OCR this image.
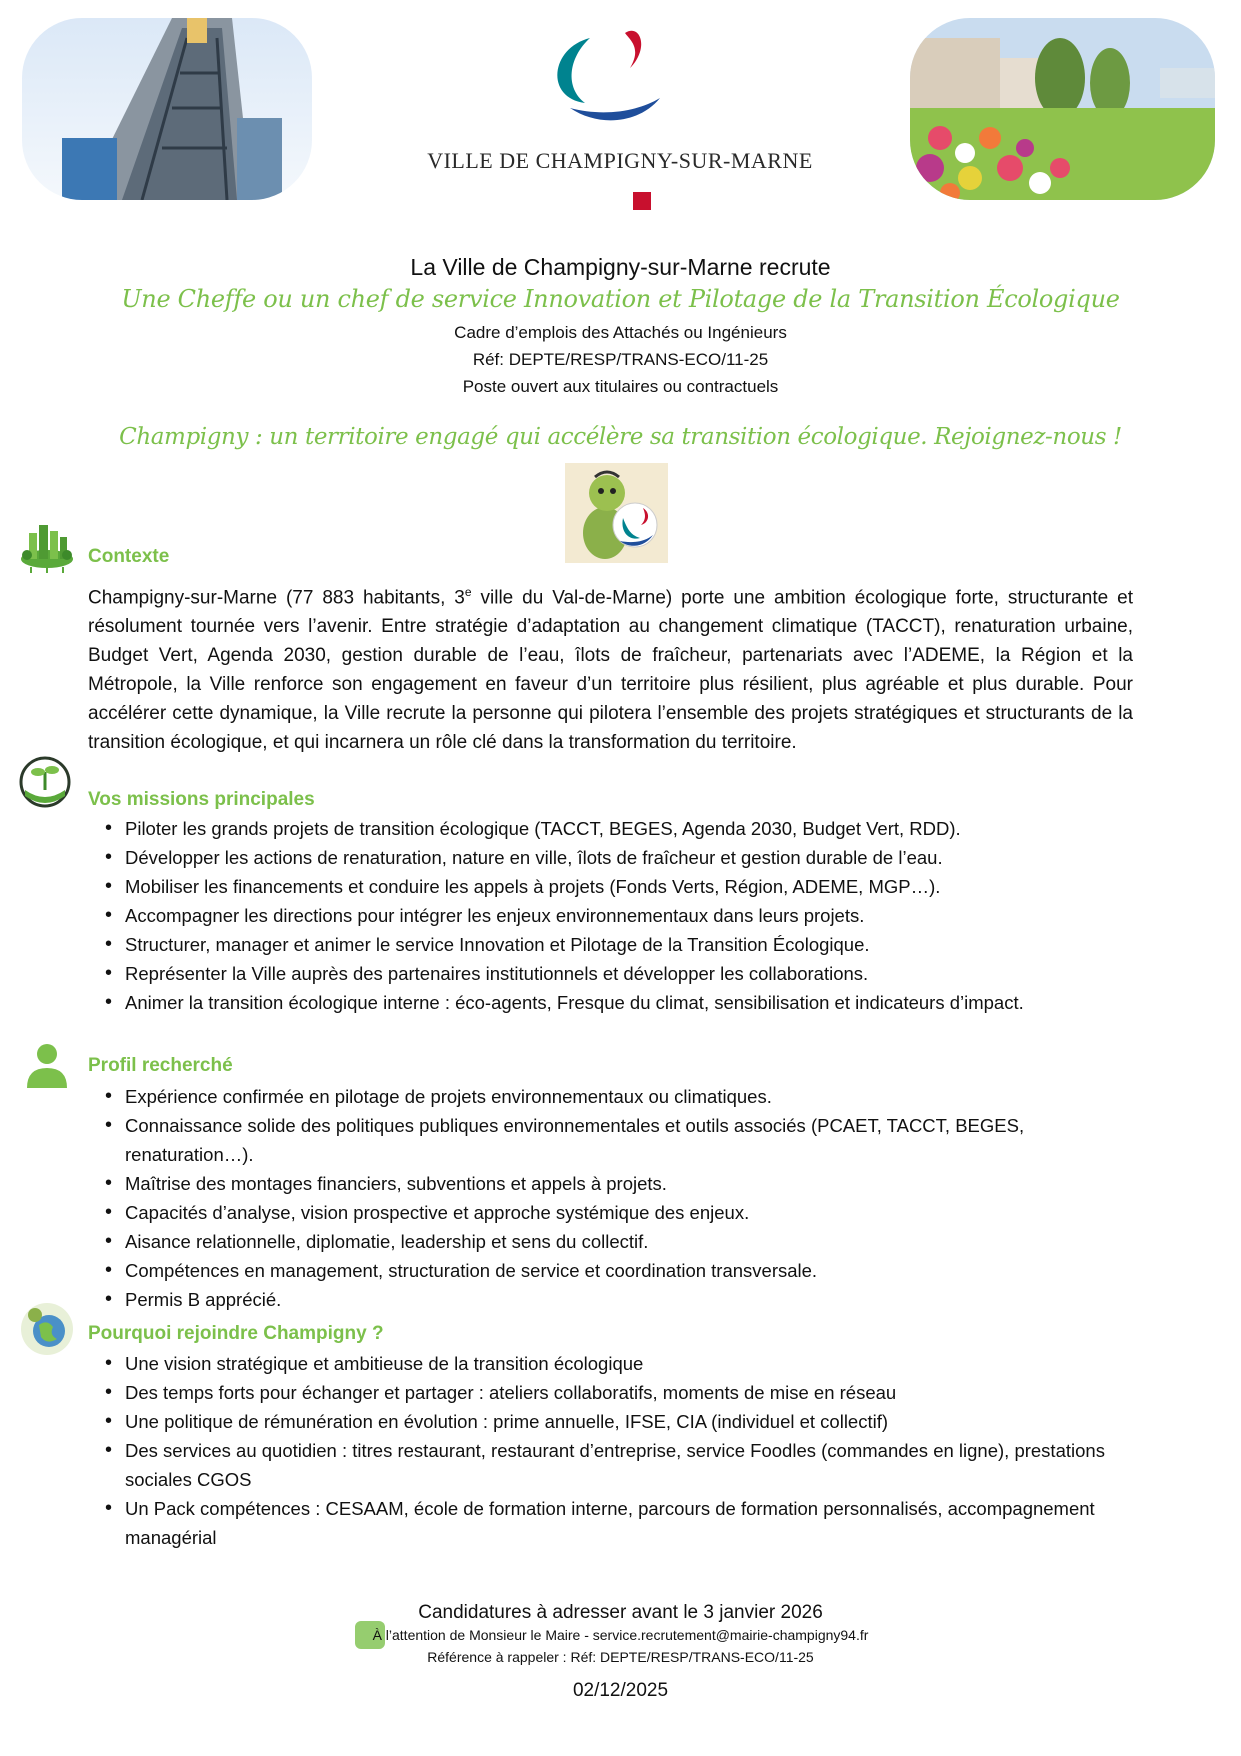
VILLE DE CHAMPIGNY-SUR-MARNE
La Ville de Champigny-sur-Marne recrute
Une Cheffe ou un chef de service Innovation et Pilotage de la Transition Écologique
Cadre d’emplois des Attachés ou Ingénieurs
Réf: DEPTE/RESP/TRANS-ECO/11-25
Poste ouvert aux titulaires ou contractuels
Champigny : un territoire engagé qui accélère sa transition écologique. Rejoignez-nous !
Contexte
Champigny-sur-Marne (77 883 habitants, 3e ville du Val-de-Marne) porte une ambition écologique forte, structurante et résolument tournée vers l’avenir. Entre stratégie d’adaptation au changement climatique (TACCT), renaturation urbaine, Budget Vert, Agenda 2030, gestion durable de l’eau, îlots de fraîcheur, partenariats avec l’ADEME, la Région et la Métropole, la Ville renforce son engagement en faveur d’un territoire plus résilient, plus agréable et plus durable. Pour accélérer cette dynamique, la Ville recrute la personne qui pilotera l’ensemble des projets stratégiques et structurants de la transition écologique, et qui incarnera un rôle clé dans la transformation du territoire.
Vos missions principales
• Piloter les grands projets de transition écologique (TACCT, BEGES, Agenda 2030, Budget Vert, RDD).
• Développer les actions de renaturation, nature en ville, îlots de fraîcheur et gestion durable de l’eau.
• Mobiliser les financements et conduire les appels à projets (Fonds Verts, Région, ADEME, MGP…).
• Accompagner les directions pour intégrer les enjeux environnementaux dans leurs projets.
• Structurer, manager et animer le service Innovation et Pilotage de la Transition Écologique.
• Représenter la Ville auprès des partenaires institutionnels et développer les collaborations.
• Animer la transition écologique interne : éco-agents, Fresque du climat, sensibilisation et indicateurs d’impact.
Profil recherché
• Expérience confirmée en pilotage de projets environnementaux ou climatiques.
• Connaissance solide des politiques publiques environnementales et outils associés (PCAET, TACCT, BEGES, renaturation…).
• Maîtrise des montages financiers, subventions et appels à projets.
• Capacités d’analyse, vision prospective et approche systémique des enjeux.
• Aisance relationnelle, diplomatie, leadership et sens du collectif.
• Compétences en management, structuration de service et coordination transversale.
• Permis B apprécié.
Pourquoi rejoindre Champigny ?
• Une vision stratégique et ambitieuse de la transition écologique
• Des temps forts pour échanger et partager : ateliers collaboratifs, moments de mise en réseau
• Une politique de rémunération en évolution : prime annuelle, IFSE, CIA (individuel et collectif)
• Des services au quotidien : titres restaurant, restaurant d’entreprise, service Foodles (commandes en ligne), prestations sociales CGOS
• Un Pack compétences : CESAAM, école de formation interne, parcours de formation personnalisés, accompagnement managérial
Candidatures à adresser avant le 3 janvier 2026
À l’attention de Monsieur le Maire - service.recrutement@mairie-champigny94.fr
Référence à rappeler : Réf: DEPTE/RESP/TRANS-ECO/11-25
02/12/2025
